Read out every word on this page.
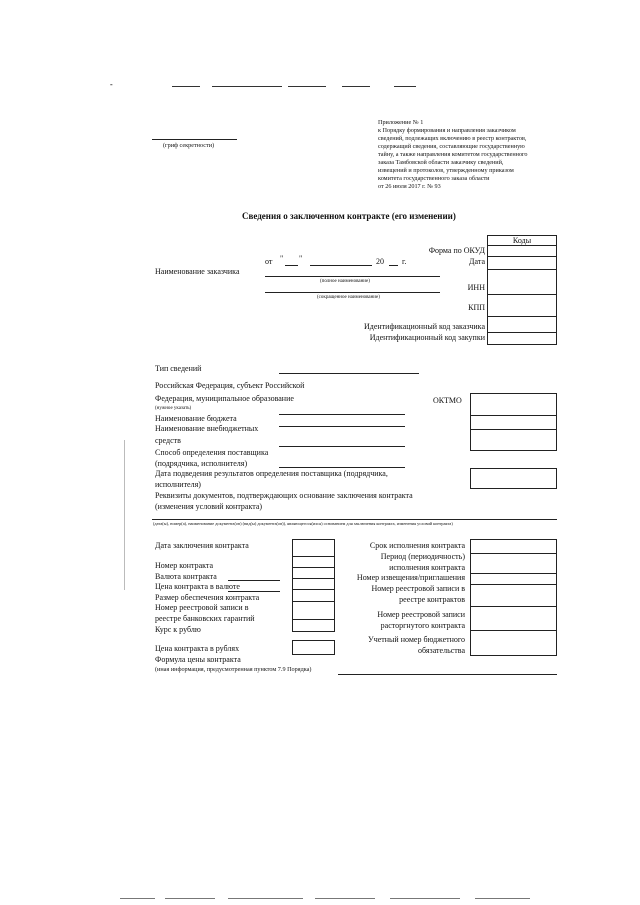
‑
Приложение № 1
к Порядку формирования и направления заказчиком
сведений, подлежащих включению в реестр контрактов,
содержащий сведения, составляющие государственную
тайну, а также направления комитетом государственного
заказа Тамбовской области заказчику сведений,
извещений и протоколов, утвержденному приказом
комитета государственного заказа области
от 26 июля 2017 г. № 93
(гриф секретности)
Сведения о заключенном контракте (его изменении)
Коды
Форма по ОКУД
Дата
от " "	20 г.
Наименование заказчика
(полное наименование)
ИНН
(сокращенное наименование)
КПП
Идентификационный код заказчика
Идентификационный код закупки
Тип сведений
Российская Федерация, субъект Российской
Федерация, муниципальное образование
(нужное указать)
ОКТМО
Наименование бюджета
Наименование внебюджетных
средств
Способ определения поставщика
(подрядчика, исполнителя)
Дата подведения результатов определения поставщика (подрядчика,
исполнителя)
Реквизиты документов, подтверждающих основание заключения контракта
(изменения условий контракта)
(дата(ы), номер(а), наименование документа(ов) (вид(ы) документа(ов)), являющегося(ихся) основанием для заключения контракта, изменения условий контракта)
Дата заключения контракта
Номер контракта
Валюта контракта
Цена контракта в валюте
Размер обеспечения контракта
Номер реестровой записи в
реестре банковских гарантий
Курс к рублю
Цена контракта в рублях
Формула цены контракта
(иная информация, предусмотренная пунктом 7.9 Порядка)
Срок исполнения контракта
Период (периодичность)
исполнения контракта
Номер извещения/приглашения
Номер реестровой записи в
реестре контрактов
Номер реестровой записи
расторгнутого контракта
Учетный номер бюджетного
обязательства
